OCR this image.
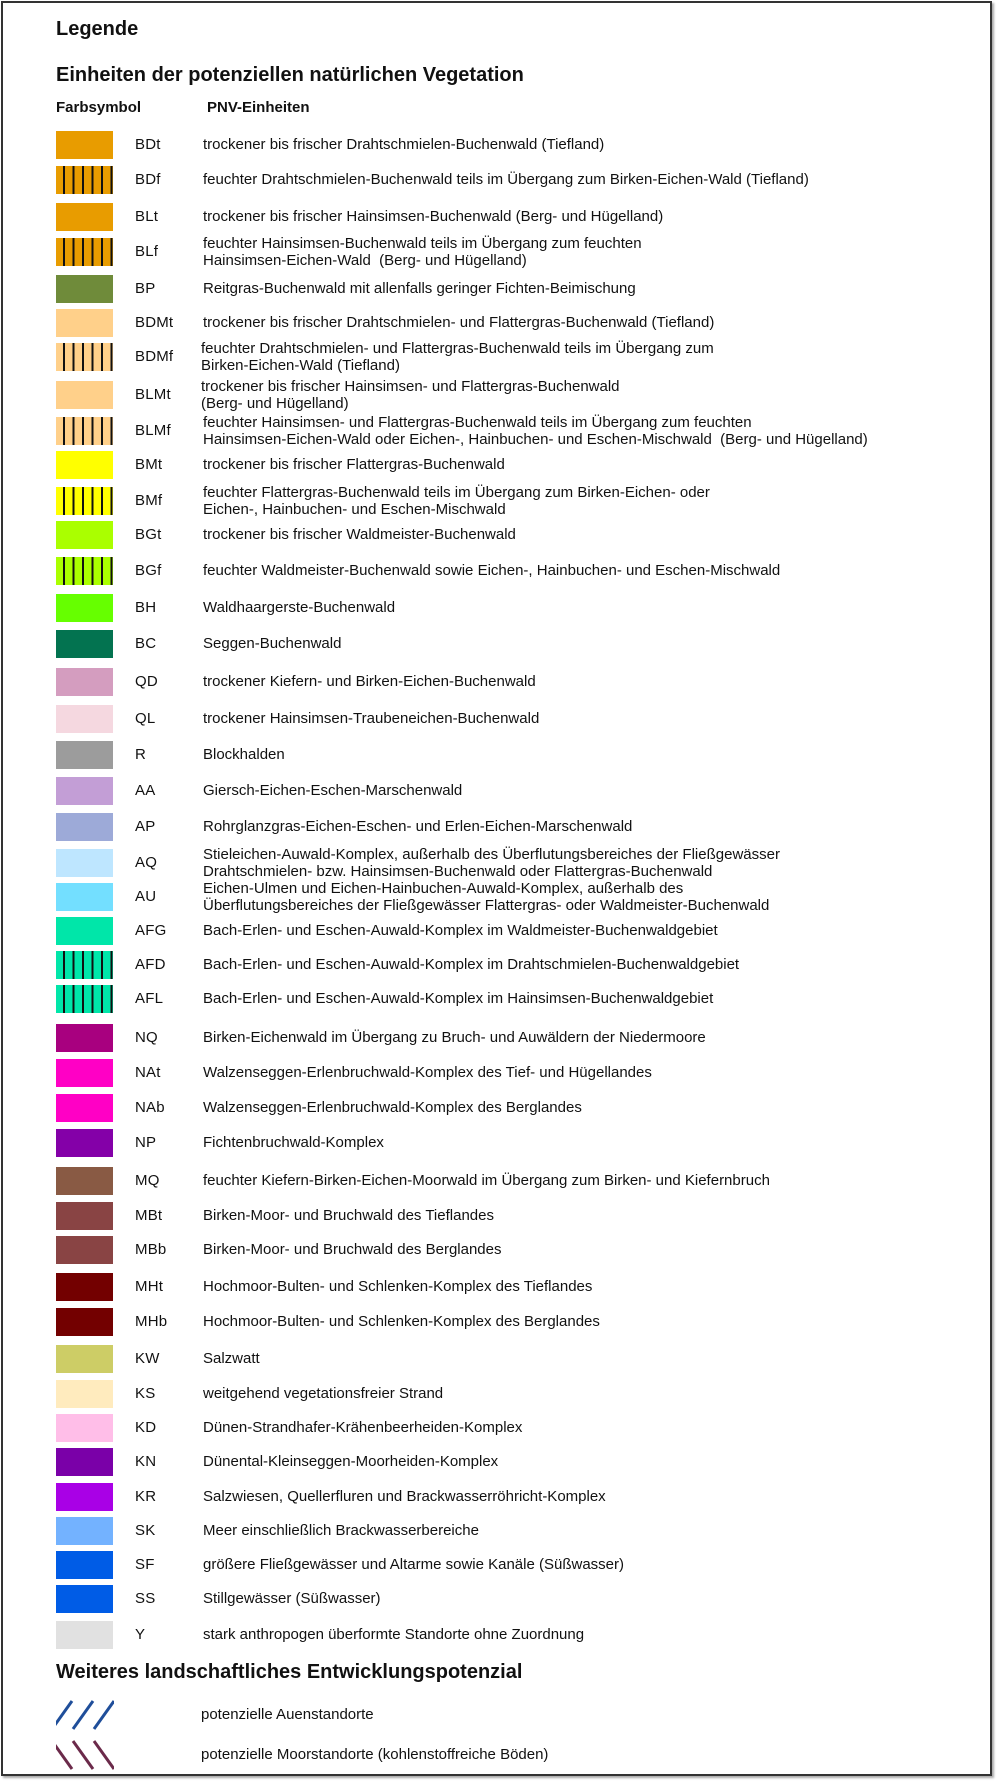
Legende
Einheiten der potenziellen natürlichen Vegetation
Farbsymbol	PNV-Einheiten
BDt	trockener bis frischer Drahtschmielen-Buchenwald (Tiefland)
BDf	feuchter Drahtschmielen-Buchenwald teils im Übergang zum Birken-Eichen-Wald (Tiefland)
BLt	trockener bis frischer Hainsimsen-Buchenwald (Berg- und Hügelland)
BLf	feuchter Hainsimsen-Buchenwald teils im Übergang zum feuchten
Hainsimsen-Eichen-Wald  (Berg- und Hügelland)
BP	Reitgras-Buchenwald mit allenfalls geringer Fichten-Beimischung
BDMt trockener bis frischer Drahtschmielen- und Flattergras-Buchenwald (Tiefland)
BDMf feuchter Drahtschmielen- und Flattergras-Buchenwald teils im Übergang zum
Birken-Eichen-Wald (Tiefland)
BLMt trockener bis frischer Hainsimsen- und Flattergras-Buchenwald
(Berg- und Hügelland)
BLMf feuchter Hainsimsen- und Flattergras-Buchenwald teils im Übergang zum feuchten
Hainsimsen-Eichen-Wald oder Eichen-, Hainbuchen- und Eschen-Mischwald  (Berg- und Hügelland)
BMt	trockener bis frischer Flattergras-Buchenwald
BMf	feuchter Flattergras-Buchenwald teils im Übergang zum Birken-Eichen- oder
Eichen-, Hainbuchen- und Eschen-Mischwald
BGt	trockener bis frischer Waldmeister-Buchenwald
BGf	feuchter Waldmeister-Buchenwald sowie Eichen-, Hainbuchen- und Eschen-Mischwald
BH	Waldhaargerste-Buchenwald
BC	Seggen-Buchenwald
QD	trockener Kiefern- und Birken-Eichen-Buchenwald
QL	trockener Hainsimsen-Traubeneichen-Buchenwald
R	Blockhalden
AA	Giersch-Eichen-Eschen-Marschenwald
AP	Rohrglanzgras-Eichen-Eschen- und Erlen-Eichen-Marschenwald
AQ	Stieleichen-Auwald-Komplex, außerhalb des Überflutungsbereiches der Fließgewässer
Drahtschmielen- bzw. Hainsimsen-Buchenwald oder Flattergras-Buchenwald
AU	Eichen-Ulmen und Eichen-Hainbuchen-Auwald-Komplex, außerhalb des
Überflutungsbereiches der Fließgewässer Flattergras- oder Waldmeister-Buchenwald
AFG Bach-Erlen- und Eschen-Auwald-Komplex im Waldmeister-Buchenwaldgebiet
AFD Bach-Erlen- und Eschen-Auwald-Komplex im Drahtschmielen-Buchenwaldgebiet
AFL	Bach-Erlen- und Eschen-Auwald-Komplex im Hainsimsen-Buchenwaldgebiet
NQ	Birken-Eichenwald im Übergang zu Bruch- und Auwäldern der Niedermoore
NAt	Walzenseggen-Erlenbruchwald-Komplex des Tief- und Hügellandes
NAb	Walzenseggen-Erlenbruchwald-Komplex des Berglandes
NP	Fichtenbruchwald-Komplex
MQ	feuchter Kiefern-Birken-Eichen-Moorwald im Übergang zum Birken- und Kiefernbruch
MBt	Birken-Moor- und Bruchwald des Tieflandes
MBb Birken-Moor- und Bruchwald des Berglandes
MHt	Hochmoor-Bulten- und Schlenken-Komplex des Tieflandes
MHb Hochmoor-Bulten- und Schlenken-Komplex des Berglandes
KW	Salzwatt
KS	weitgehend vegetationsfreier Strand
KD	Dünen-Strandhafer-Krähenbeerheiden-Komplex
KN	Dünental-Kleinseggen-Moorheiden-Komplex
KR	Salzwiesen, Quellerfluren und Brackwasserröhricht-Komplex
SK	Meer einschließlich Brackwasserbereiche
SF	größere Fließgewässer und Altarme sowie Kanäle (Süßwasser)
SS	Stillgewässer (Süßwasser)
Y	stark anthropogen überformte Standorte ohne Zuordnung
Weiteres landschaftliches Entwicklungspotenzial
potenzielle Auenstandorte
potenzielle Moorstandorte (kohlenstoffreiche Böden)
